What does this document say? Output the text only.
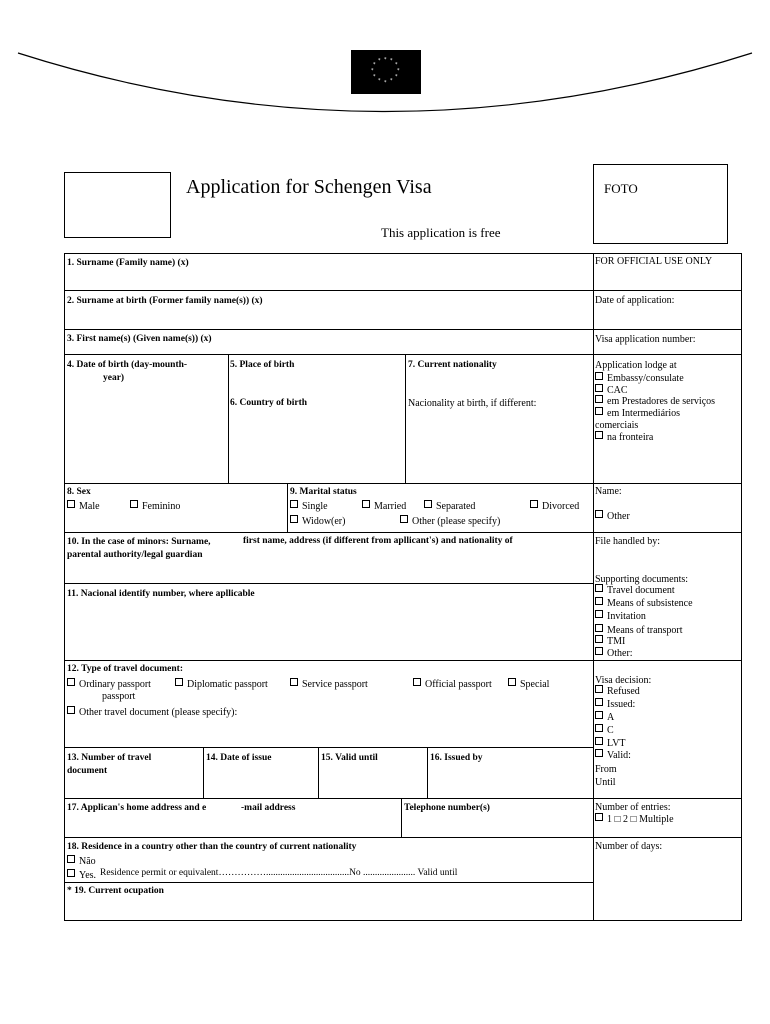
* *
*
*
*
*
*
*
*
*
*
*
Application for Schengen Visa
This application is free
FOTO
1. Surname (Family name) (x)
2. Surname at birth (Former family name(s)) (x)
3. First name(s) (Given name(s)) (x)
4. Date of birth (day-mounth-
year)
5. Place of birth
6. Country of birth
7. Current nationality
Nacionality at birth, if different:
8. Sex
Male	Feminino
9. Marital status
Single	Married	Separated	Divorced
Widow(er)	Other (please specify)
10. In the case of minors: Surname,	first name, address (if different from apllicant's) and nationality of
parental authority/legal guardian
11. Nacional identify number, where apllicable
12. Type of travel document:
Ordinary passport	Diplomatic passport	Service passport	Official passport	Special
passport
Other travel document (please specify):
13. Number of travel
document
14. Date of issue	15. Valid until	16. Issued by
17. Applican's home address and e	-mail address	Telephone number(s)
18. Residence in a country other than the country of current nationality
Não
Yes. Residence permit or equivalent……………...................................No ...................... Valid until
* 19. Current ocupation
FOR OFFICIAL USE ONLY
Date of application:
Visa application number:
Application lodge at
Embassy/consulate
CAC
em Prestadores de serviços
em Intermediários
comerciais
na fronteira
Name:
Other
File handled by:
Supporting documents:
Travel document
Means of subsistence
Invitation
Means of transport
TMI
Other:
Visa decision:
Refused
Issued:
A
C
LVT
Valid:
From
Until
Number of entries:
1 □ 2 □ Multiple
Number of days:
